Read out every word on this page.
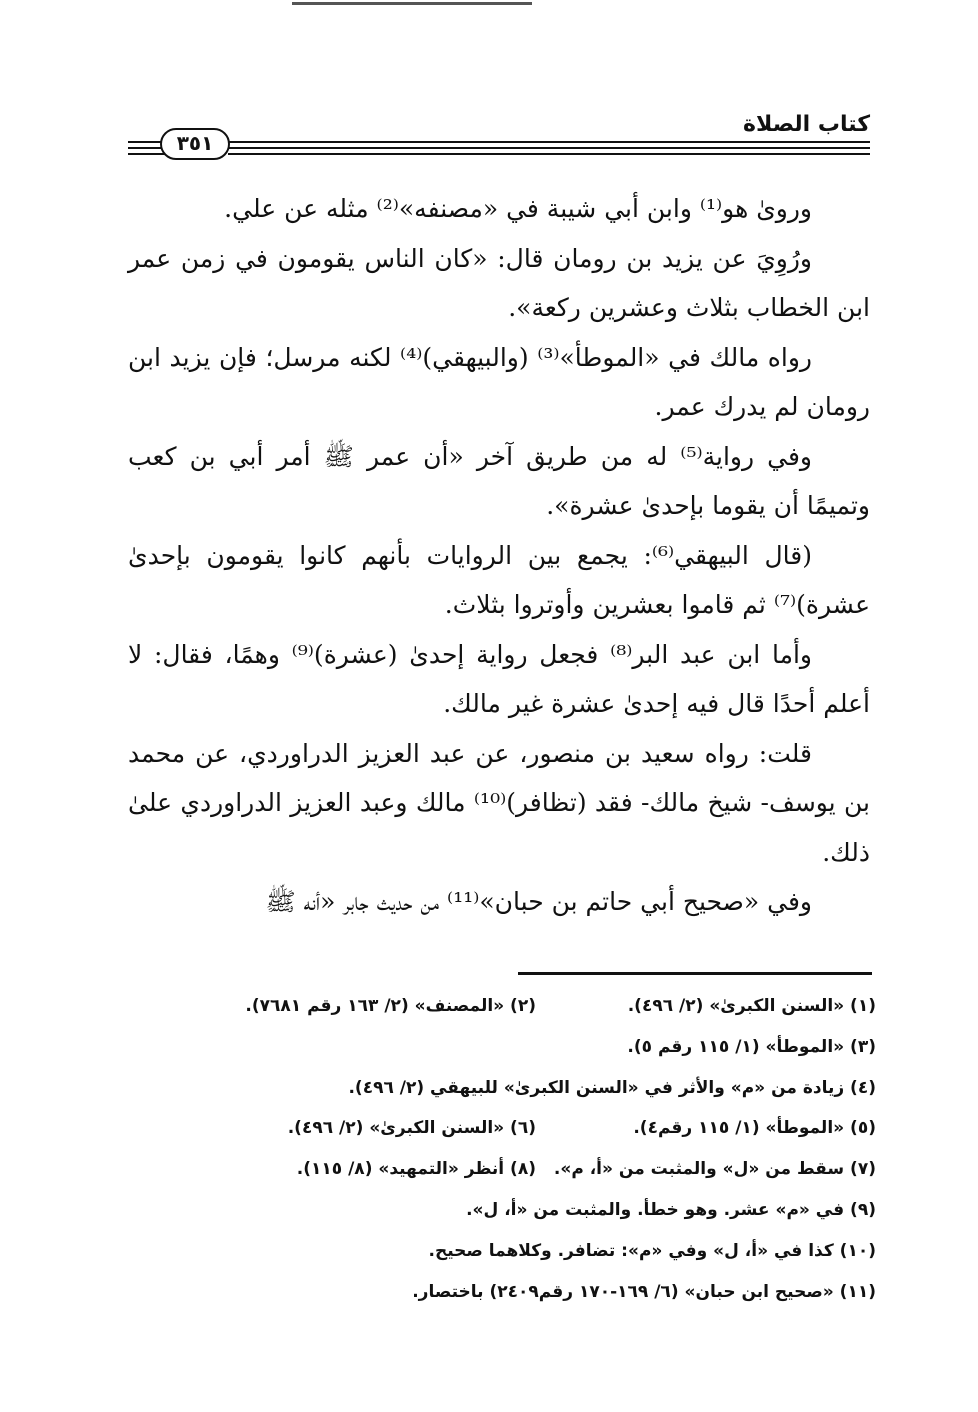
كتاب الصلاة
٣٥١

ورویٰ هو⁽¹⁾ وابن أبي شيبة في «مصنفه»⁽²⁾ مثله عن علي.

ورُوِيَ عن يزيد بن رومان قال: «كان الناس يقومون في زمن عمر ابن الخطاب بثلاث وعشرين ركعة».

رواه مالك في «الموطأ»⁽³⁾ (والبيهقي)⁽⁴⁾ لكنه مرسل؛ فإن يزيد ابن رومان لم يدرك عمر.

وفي رواية⁽⁵⁾ له من طريق آخر «أن عمر ﷺ أمر أبي بن كعب وتميمًا أن يقوما بإحدىٰ عشرة».

(قال البيهقي⁽⁶⁾: يجمع بين الروايات بأنهم كانوا يقومون بإحدىٰ عشرة)⁽⁷⁾ ثم قاموا بعشرين وأوتروا بثلاث.

وأما ابن عبد البر⁽⁸⁾ فجعل رواية إحدىٰ (عشرة)⁽⁹⁾ وهمًا، فقال: لا أعلم أحدًا قال فيه إحدىٰ عشرة غير مالك.

قلت: رواه سعيد بن منصور، عن عبد العزيز الدراوردي، عن محمد بن يوسف- شيخ مالك- فقد (تظافر)⁽¹⁰⁾ مالك وعبد العزيز الدراوردي علىٰ ذلك.

وفي «صحيح أبي حاتم بن حبان»⁽¹¹⁾ من حديث جابر «أنه ﷺ

(١) «السنن الكبرىٰ» (٢/ ٤٩٦).
(٢) «المصنف» (٢/ ١٦٣ رقم ٧٦٨١).
(٣) «الموطأ» (١/ ١١٥ رقم ٥).
(٤) زيادة من «م» والأثر في «السنن الكبرىٰ» للبيهقي (٢/ ٤٩٦).
(٥) «الموطأ» (١/ ١١٥ رقم٤).
(٦) «السنن الكبرىٰ» (٢/ ٤٩٦).
(٧) سقط من «ل» والمثبت من «أ، م».
(٨) أنظر «التمهيد» (٨/ ١١٥).
(٩) في «م» عشر. وهو خطأ. والمثبت من «أ، ل».
(١٠) كذا في «أ، ل» وفي «م»: تضافر. وكلاهما صحيح.
(١١) «صحيح ابن حبان» (٦/ ١٦٩-١٧٠ رقم٢٤٠٩) باختصار.
